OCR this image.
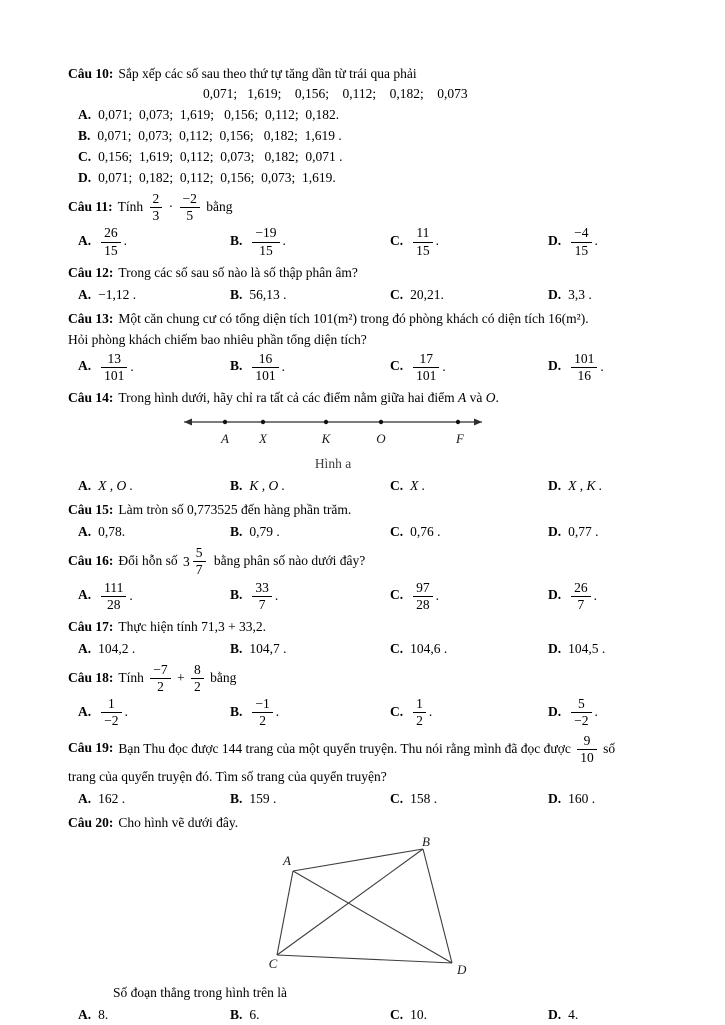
Câu 10: Sắp xếp các số sau theo thứ tự tăng dần từ trái qua phải
0,071;   1,619;    0,156;    0,112;    0,182;    0,073
A. 0,071;  0,073;  1,619;   0,156;  0,112;  0,182.
B. 0,071;  0,073;  0,112;  0,156;   0,182;  1,619 .
C. 0,156;  1,619;  0,112;  0,073;   0,182;  0,071 .
D. 0,071;  0,182;  0,112;  0,156;  0,073;  1,619.
Câu 11: Tính $\frac{2}{3} \cdot \frac{-2}{5}$ bằng
A. $\frac{26}{15}$ .	B. $\frac{-19}{15}$ .	C. $\frac{11}{15}$ .	D. $\frac{-4}{15}$ .
Câu 12: Trong các số sau số nào là số thập phân âm?
A. −1,12 .	B. 56,13 .	C. 20,21.	D. 3,3 .
Câu 13: Một căn chung cư có tổng diện tích 101(m²) trong đó phòng khách có diện tích 16(m²).
Hỏi phòng khách chiếm bao nhiêu phần tổng diện tích?
A. $\frac{13}{101}$ .	B. $\frac{16}{101}$ .	C. $\frac{17}{101}$ .	D. $\frac{101}{16}$ .
Câu 14: Trong hình dưới, hãy chỉ ra tất cả các điểm nằm giữa hai điểm A và O.
A X	K	O	F
Hình a
A. X , O .	B. K , O .	C. X .	D. X , K .
Câu 15: Làm tròn số 0,773525 đến hàng phần trăm.
A. 0,78.	B. 0,79 .	C. 0,76 .	D. 0,77 .
Câu 16: Đổi hỗn số $3 \frac{5}{7}$ bằng phân số nào dưới đây?
A. $\frac{111}{28}$ .	B. $\frac{33}{7}$ .	C. $\frac{97}{28}$ .	D. $\frac{26}{7}$ .
Câu 17: Thực hiện tính 71,3 + 33,2.
A. 104,2 .	B. 104,7 .	C. 104,6 .	D. 104,5 .
Câu 18: Tính $\frac{-7}{2} + \frac{8}{2}$ bằng
A. $\frac{1}{-2}$ .	B. $\frac{-1}{2}$ .	C. $\frac{1}{2}$ .	D. $\frac{5}{-2}$ .
Câu 19: Bạn Thu đọc được 144 trang của một quyển truyện. Thu nói rằng mình đã đọc được $\frac{9}{10}$ số
trang của quyển truyện đó. Tìm số trang của quyển truyện?
A. 162 .	B. 159 .	C. 158 .	D. 160 .
Câu 20: Cho hình vẽ dưới đây.
A
B
C	D
Số đoạn thẳng trong hình trên là
A. 8.	B. 6.	C. 10.	D. 4.
